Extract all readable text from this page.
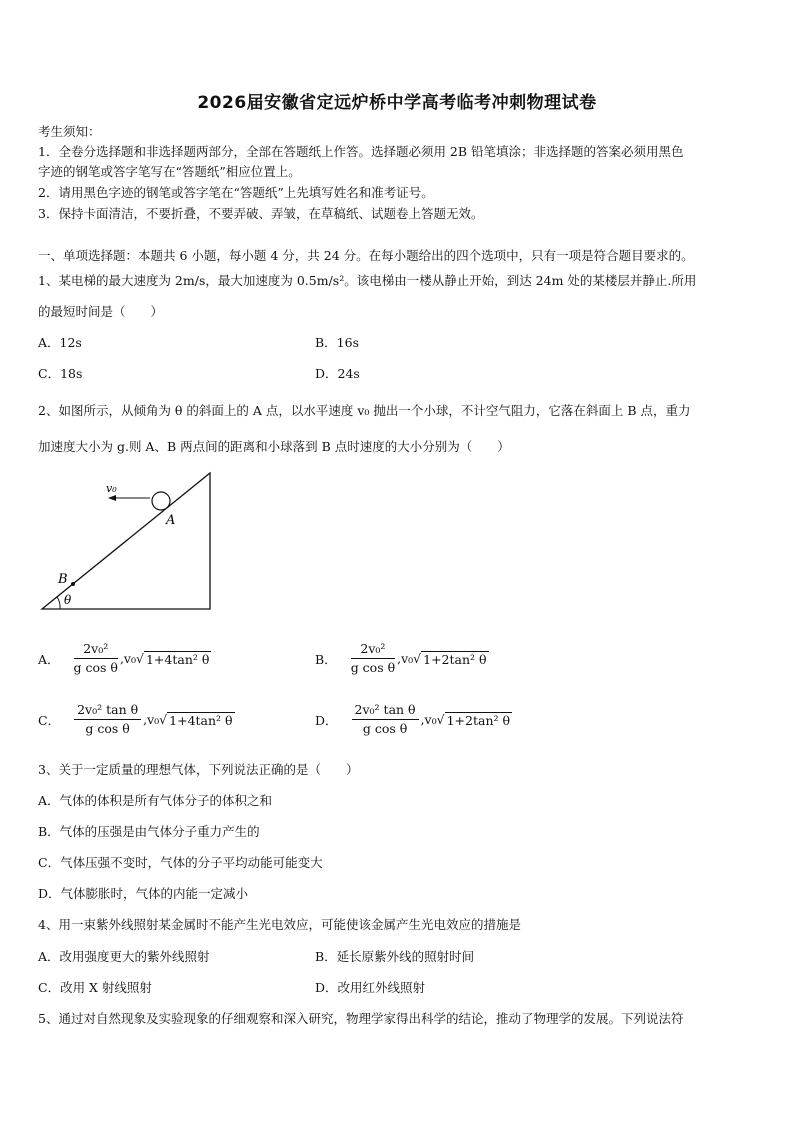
2026届安徽省定远炉桥中学高考临考冲刺物理试卷
考生须知：
1．全卷分选择题和非选择题两部分，全部在答题纸上作答。选择题必须用 2B 铅笔填涂；非选择题的答案必须用黑色
字迹的钢笔或答字笔写在“答题纸”相应位置上。
2．请用黑色字迹的钢笔或答字笔在“答题纸”上先填写姓名和准考证号。
3．保持卡面清洁，不要折叠，不要弄破、弄皱，在草稿纸、试题卷上答题无效。
一、单项选择题：本题共 6 小题，每小题 4 分，共 24 分。在每小题给出的四个选项中，只有一项是符合题目要求的。
1、某电梯的最大速度为 2m/s，最大加速度为 0.5m/s²。该电梯由一楼从静止开始，到达 24m 处的某楼层并静止.所用
的最短时间是（　　）
A．12s	B．16s
C．18s	D．24s
2、如图所示，从倾角为 θ 的斜面上的 A 点，以水平速度 v₀ 抛出一个小球，不计空气阻力，它落在斜面上 B 点，重力
加速度大小为 g.则 A、B 两点间的距离和小球落到 B 点时速度的大小分别为（　　）
v₀
A
B
θ
A． $\frac{\text{2v₀²}}{\text{g cos θ}} ,v_0$ √ 1+4tan² θ	B． $\frac{\text{2v₀²}}{\text{g cos θ}} ,v_0$ √ 1+2tan² θ
C． $\frac{\text{2v₀² tan θ}}{\text{g cos θ}} ,v_0$ √ 1+4tan² θ	D． $\frac{\text{2v₀² tan θ}}{\text{g cos θ}} ,v_0$ √ 1+2tan² θ
3、关于一定质量的理想气体，下列说法正确的是（　　）
A．气体的体积是所有气体分子的体积之和
B．气体的压强是由气体分子重力产生的
C．气体压强不变时，气体的分子平均动能可能变大
D．气体膨胀时，气体的内能一定减小
4、用一束紫外线照射某金属时不能产生光电效应，可能使该金属产生光电效应的措施是
A．改用强度更大的紫外线照射	B．延长原紫外线的照射时间
C．改用 X 射线照射	D．改用红外线照射
5、通过对自然现象及实验现象的仔细观察和深入研究，物理学家得出科学的结论，推动了物理学的发展。下列说法符
